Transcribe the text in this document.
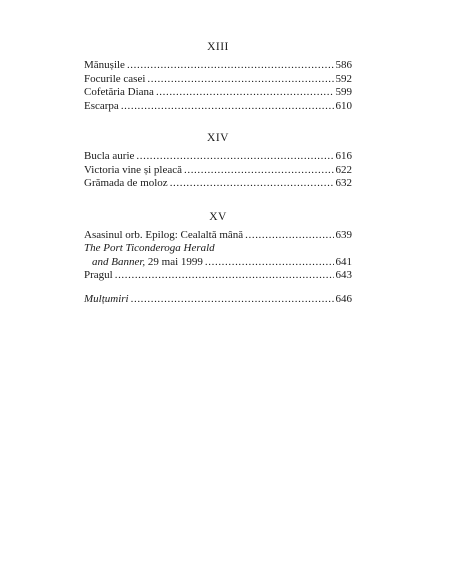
XIII
Mănușile .....	586
Focurile casei .....	592
Cofetăria Diana .....	599
Escarpa .....	610
XIV
Bucla aurie .....	616
Victoria vine și pleacă .....	622
Grămada de moloz .....	632
XV
Asasinul orb. Epilog: Cealaltă mână .....	639
The Port Ticonderoga Herald
and Banner, 29 mai 1999 .....	641
Pragul .....	643
Mulțumiri .....	646
